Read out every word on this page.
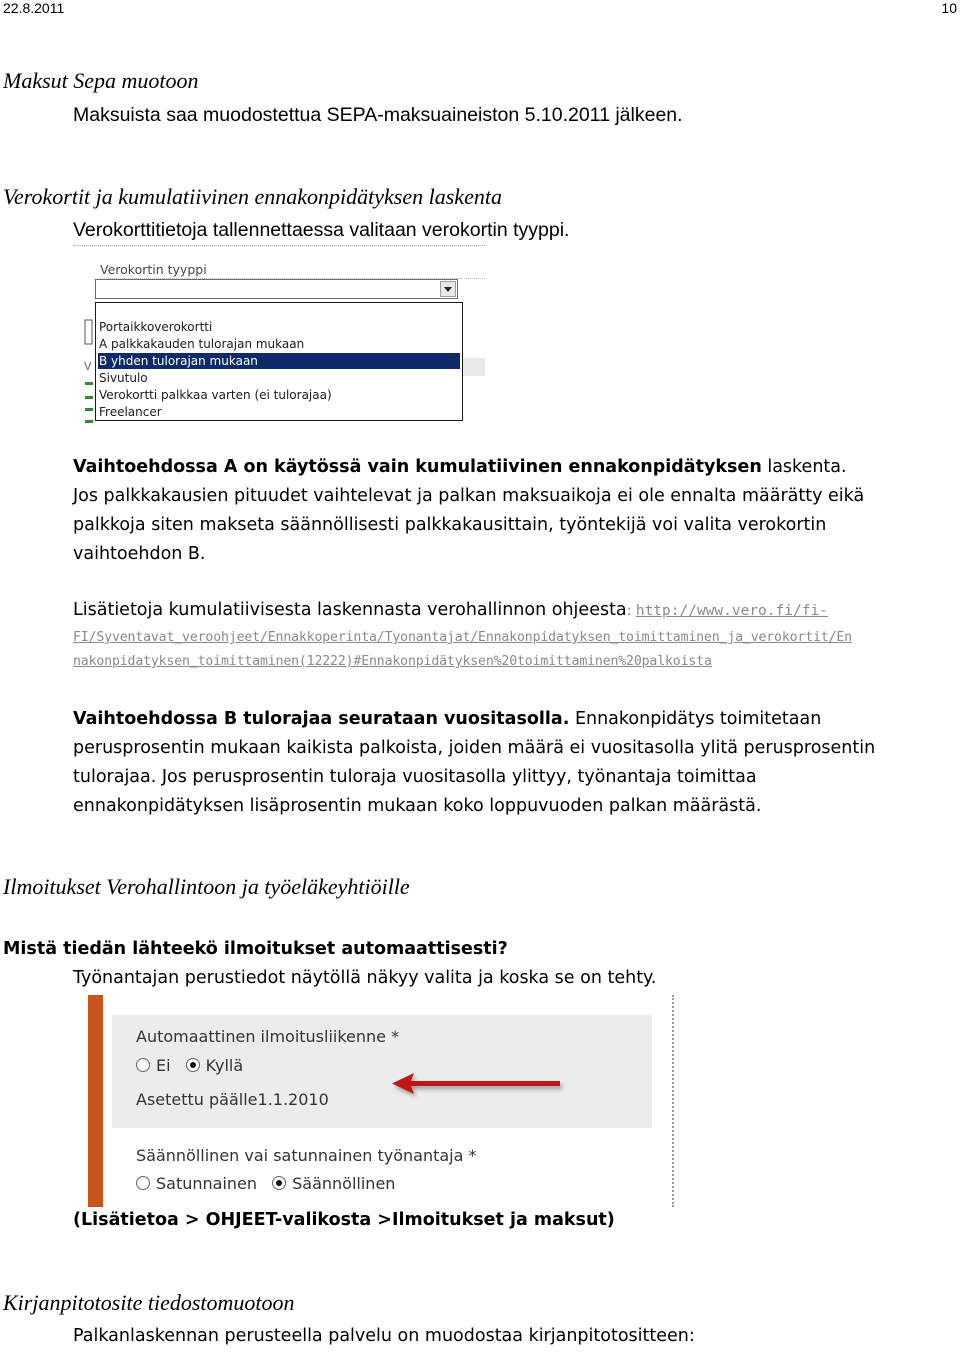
22.8.2011	10
Maksut Sepa muotoon
Maksuista saa muodostettua SEPA-maksuaineiston 5.10.2011 jälkeen.
Verokortit ja kumulatiivinen ennakonpidätyksen laskenta
Verokorttitietoja tallennettaessa valitaan verokortin tyyppi.
Verokortin tyyppi
V
Portaikkoverokortti
A palkkakauden tulorajan mukaan
B yhden tulorajan mukaan
Sivutulo
Verokortti palkkaa varten (ei tulorajaa)
Freelancer
Vaihtoehdossa A on käytössä vain kumulatiivinen ennakonpidätyksen laskenta.
Jos palkkakausien pituudet vaihtelevat ja palkan maksuaikoja ei ole ennalta määrätty eikä
palkkoja siten makseta säännöllisesti palkkakausittain, työntekijä voi valita verokortin
vaihtoehdon B.
Lisätietoja kumulatiivisesta laskennasta verohallinnon ohjeesta: http://www.vero.fi/fi-
FI/Syventavat_veroohjeet/Ennakkoperinta/Tyonantajat/Ennakonpidatyksen_toimittaminen_ja_verokortit/En
nakonpidatyksen_toimittaminen(12222)#Ennakonpidätyksen%20toimittaminen%20palkoista
Vaihtoehdossa B tulorajaa seurataan vuositasolla. Ennakonpidätys toimitetaan
perusprosentin mukaan kaikista palkoista, joiden määrä ei vuositasolla ylitä perusprosentin
tulorajaa. Jos perusprosentin tuloraja vuositasolla ylittyy, työnantaja toimittaa
ennakonpidätyksen lisäprosentin mukaan koko loppuvuoden palkan määrästä.
Ilmoitukset Verohallintoon ja työeläkeyhtiöille
Mistä tiedän lähteekö ilmoitukset automaattisesti?
Työnantajan perustiedot näytöllä näkyy valita ja koska se on tehty.
Automaattinen ilmoitusliikenne *
Ei Kyllä
Asetettu päälle1.1.2010
Säännöllinen vai satunnainen työnantaja *
Satunnainen Säännöllinen
(Lisätietoa > OHJEET-valikosta >Ilmoitukset ja maksut)
Kirjanpitotosite tiedostomuotoon
Palkanlaskennan perusteella palvelu on muodostaa kirjanpitotositteen:
